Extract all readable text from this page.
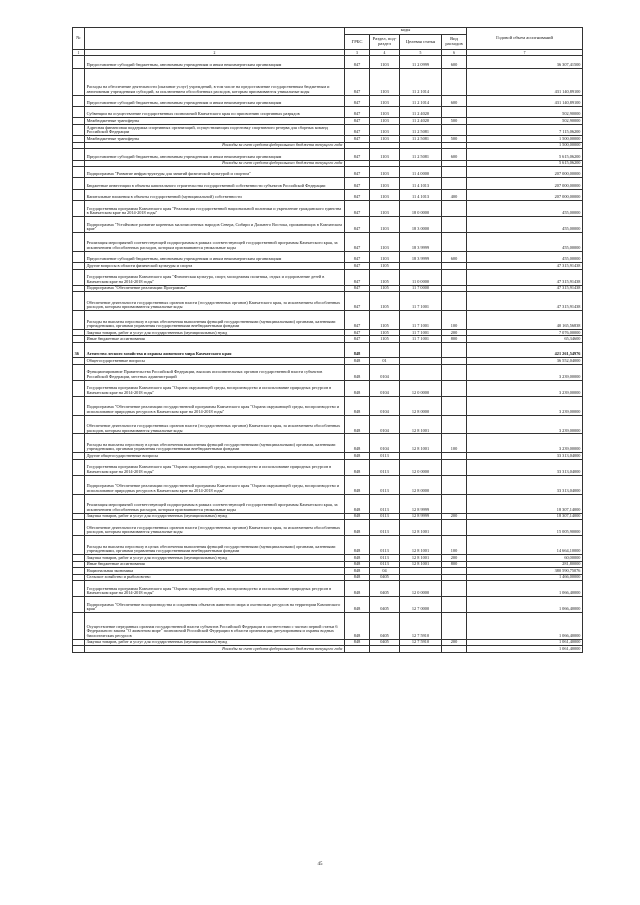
№	Наименование	коды				Годовой объем ассигнований
		ГРБС	Раздел, под-раздел	Целевая статья	Вид расходов	
1	2	3	4	5	6	7
	Предоставление субсидий бюджетным, автономным учреждениям и иным некоммерческим организациям	847	1103	11 2 0999	600	36 307,41500
	Расходы на обеспечение деятельности (оказание услуг) учреждений, в том числе на предоставление государственным бюджетным и автономным учреждениям субсидий, за исключением обособленных расходов, которым присваиваются уникальные коды	847	1103	11 2 1014		431 140,89100
	Предоставление субсидий бюджетным, автономным учреждениям и иным некоммерческим организациям	847	1103	11 2 1014	600	431 140,89100
	Субвенции на осуществление государственных полномочий Камчатского края по присвоению спортивных разрядов	847	1103	11 2 4020		502,90000
	Межбюджетные трансферты	847	1103	11 2 4020	500	502,90000
	Адресная финансовая поддержка спортивных организаций, осуществляющих подготовку спортивного резерва для сборных команд Российской Федерации	847	1103	11 2 5081		7 115,06200
	Межбюджетные трансферты	847	1103	11 2 5081	500	1 500,00000
	Расходы за счет средств федерального бюджета текущего года					1 500,00000
	Предоставление субсидий бюджетным, автономным учреждениям и иным некоммерческим организациям	847	1103	11 2 5081	600	5 615,06200
	Расходы за счет средств федерального бюджета текущего года					5 615,06200
	Подпрограмма "Развитие инфраструктуры для занятий физической культурой и спортом"	847	1103	11 4 0000		207 000,00000
	Бюджетные инвестиции в объекты капитального строительства государственной собственности субъектов Российской Федерации	847	1103	11 4 1013		207 000,00000
	Капитальные вложения в объекты государственной (муниципальной) собственности	847	1103	11 4 1013	400	207 000,00000
	Государственная программа Камчатского края "Реализация государственной национальной политики и укрепление гражданского единства в Камчатском крае на 2014-2018 годы"	847	1103	18 0 0000		455,00000
	Подпрограмма "Устойчивое развитие коренных малочисленных народов Севера, Сибири и Дальнего Востока, проживающих в Камчатском крае"	847	1103	18 3 0000		455,00000
	Реализация мероприятий соответствующей подпрограммы в рамках соответствующей государственной программы Камчатского края, за исключением обособленных расходов, которым присваиваются уникальные коды	847	1103	18 3 9999		455,00000
	Предоставление субсидий бюджетным, автономным учреждениям и иным некоммерческим организациям	847	1103	18 3 9999	600	455,00000
	Другие вопросы в области физической культуры и спорта	847	1105			47 315,91438
	Государственная программа Камчатского края "Физическая культура, спорт, молодежная политика, отдых и оздоровление детей в Камчатском крае на 2014-2018 годы"	847	1105	11 0 0000		47 315,91438
	Подпрограмма "Обеспечение реализации Программы"	847	1105	11 7 0000		47 315,91438
	Обеспечение деятельности государственных органов власти (государственных органов) Камчатского края, за исключением обособленных расходов, которым присваиваются уникальные коды	847	1105	11 7 1001		47 315,91438
	Расходы на выплаты персоналу в целях обеспечения выполнения функций государственными (муниципальными) органами, казенными учреждениями, органами управления государственными внебюджетными фондами	847	1105	11 7 1001	100	40 165,56838
	Закупка товаров, работ и услуг для государственных (муниципальных) нужд	847	1105	11 7 1001	200	7 076,00000
	Иные бюджетные ассигнования	847	1105	11 7 1001	800	65,34600
36	Агентство лесного хозяйства и охраны животного мира Камчатского края	848				421 261,54976
	Общегосударственные вопросы	848	01			36 552,04000
	Функционирование Правительства Российской Федерации, высших исполнительных органов государственной власти субъектов Российской Федерации, местных администраций	848	0104			3 239,00000
	Государственная программа Камчатского края "Охрана окружающей среды, воспроизводство и использование природных ресурсов в Камчатском крае на 2014-2018 годы"	848	0104	12 0 0000		3 239,00000
	Подпрограмма "Обеспечение реализации государственной программы Камчатского края "Охрана окружающей среды, воспроизводство и использование природных ресурсов в Камчатском крае на 2014-2018 годы"	848	0104	12 8 0000		3 239,00000
	Обеспечение деятельности государственных органов власти (государственных органов) Камчатского края, за исключением обособленных расходов, которым присваиваются уникальные коды	848	0104	12 8 1001		3 239,00000
	Расходы на выплаты персоналу в целях обеспечения выполнения функций государственными (муниципальными) органами, казенными учреждениями, органами управления государственными внебюджетными фондами	848	0104	12 8 1001	100	3 239,00000
	Другие общегосударственные вопросы	848	0113			33 313,04000
	Государственная программа Камчатского края "Охрана окружающей среды, воспроизводство и использование природных ресурсов в Камчатском крае на 2014-2018 годы"	848	0113	12 0 0000		33 313,04000
	Подпрограмма "Обеспечение реализации государственной программы Камчатского края "Охрана окружающей среды, воспроизводство и использование природных ресурсов в Камчатском крае на 2014-2018 годы"	848	0113	12 8 0000		33 313,04000
	Реализация мероприятий соответствующей подпрограммы в рамках соответствующей государственной программы Камчатского края, за исключением обособленных расходов, которым присваиваются уникальные коды	848	0113	12 8 9999		18 307,14000
	Закупка товаров, работ и услуг для государственных (муниципальных) нужд	848	0113	12 8 9999	200	18 307,14000
	Обеспечение деятельности государственных органов власти (государственных органов) Камчатского края, за исключением обособленных расходов, которым присваиваются уникальные коды	848	0113	12 8 1001		15 005,90000
	Расходы на выплаты персоналу в целях обеспечения выполнения функций государственными (муниципальными) органами, казенными учреждениями, органами управления государственными внебюджетными фондами	848	0113	12 8 1001	100	14 664,10000
	Закупка товаров, работ и услуг для государственных (муниципальных) нужд	848	0113	12 8 1001	200	60,00000
	Иные бюджетные ассигнования	848	0113	12 8 1001	800	281,80000
	Национальная экономика	848	04			380 590,75076
	Сельское хозяйство и рыболовство	848	0405			1 466,00000
	Государственная программа Камчатского края "Охрана окружающей среды, воспроизводство и использование природных ресурсов в Камчатском крае на 2014-2018 годы"	848	0405	12 0 0000		1 066,40000
	Подпрограмма "Обеспечение воспроизводства и сохранения объектов животного мира и охотничьих ресурсов на территории Камчатского края"	848	0405	12 7 0000		1 066,40000
	Осуществление переданных органам государственной власти субъектов Российской Федерации в соответствии с частью первой статьи 6 Федерального закона "О животном мире" полномочий Российской Федерации в области организации, регулирования и охраны водных биологических ресурсов	848	0405	12 7 5910		1 066,40000
	Закупка товаров, работ и услуг для государственных (муниципальных) нужд	848	0405	12 7 5910	200	1 061,40000
	Расходы за счет средств федерального бюджета текущего года					1 061,40000
45
